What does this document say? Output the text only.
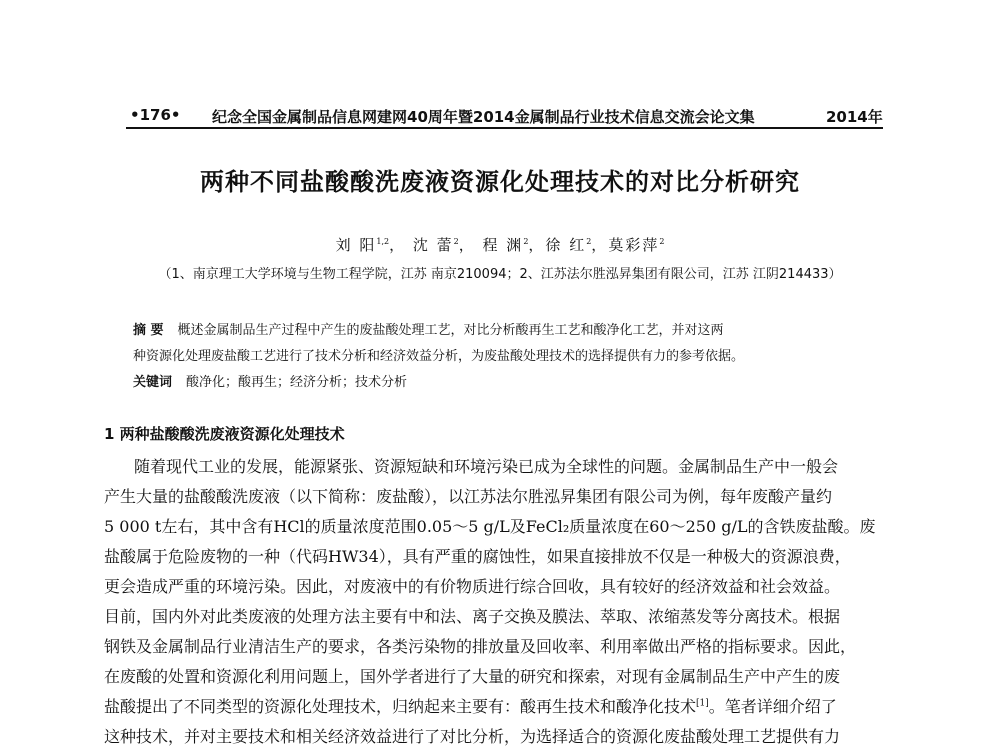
•176• 纪念全国金属制品信息网建网40周年暨2014金属制品行业技术信息交流会论文集	2014年
两种不同盐酸酸洗废液资源化处理技术的对比分析研究
刘 阳$^{1,2}$， 沈 蕾$^2$， 程 渊$^2$，徐 红$^2$，莫彩萍$^2$
（1、南京理工大学环境与生物工程学院，江苏 南京210094；2、江苏法尔胜泓昇集团有限公司，江苏 江阴214433）
摘 要 概述金属制品生产过程中产生的废盐酸处理工艺，对比分析酸再生工艺和酸净化工艺，并对这两
种资源化处理废盐酸工艺进行了技术分析和经济效益分析，为废盐酸处理技术的选择提供有力的参考依据。
关键词 酸净化；酸再生；经济分析；技术分析
1 两种盐酸酸洗废液资源化处理技术
随着现代工业的发展，能源紧张、资源短缺和环境污染已成为全球性的问题。金属制品生产中一般会
产生大量的盐酸酸洗废液（以下简称：废盐酸），以江苏法尔胜泓昇集团有限公司为例，每年废酸产量约
5 000 t左右，其中含有HCl的质量浓度范围0.05～5 g/L及FeCl₂质量浓度在60～250 g/L的含铁废盐酸。废
盐酸属于危险废物的一种（代码HW34），具有严重的腐蚀性，如果直接排放不仅是一种极大的资源浪费，
更会造成严重的环境污染。因此，对废液中的有价物质进行综合回收，具有较好的经济效益和社会效益。
目前，国内外对此类废液的处理方法主要有中和法、离子交换及膜法、萃取、浓缩蒸发等分离技术。根据
钢铁及金属制品行业清洁生产的要求，各类污染物的排放量及回收率、利用率做出严格的指标要求。因此，
在废酸的处置和资源化利用问题上，国外学者进行了大量的研究和探索，对现有金属制品生产中产生的废
盐酸提出了不同类型的资源化处理技术，归纳起来主要有：酸再生技术和酸净化技术[1]。笔者详细介绍了
这种技术，并对主要技术和相关经济效益进行了对比分析，为选择适合的资源化废盐酸处理工艺提供有力
